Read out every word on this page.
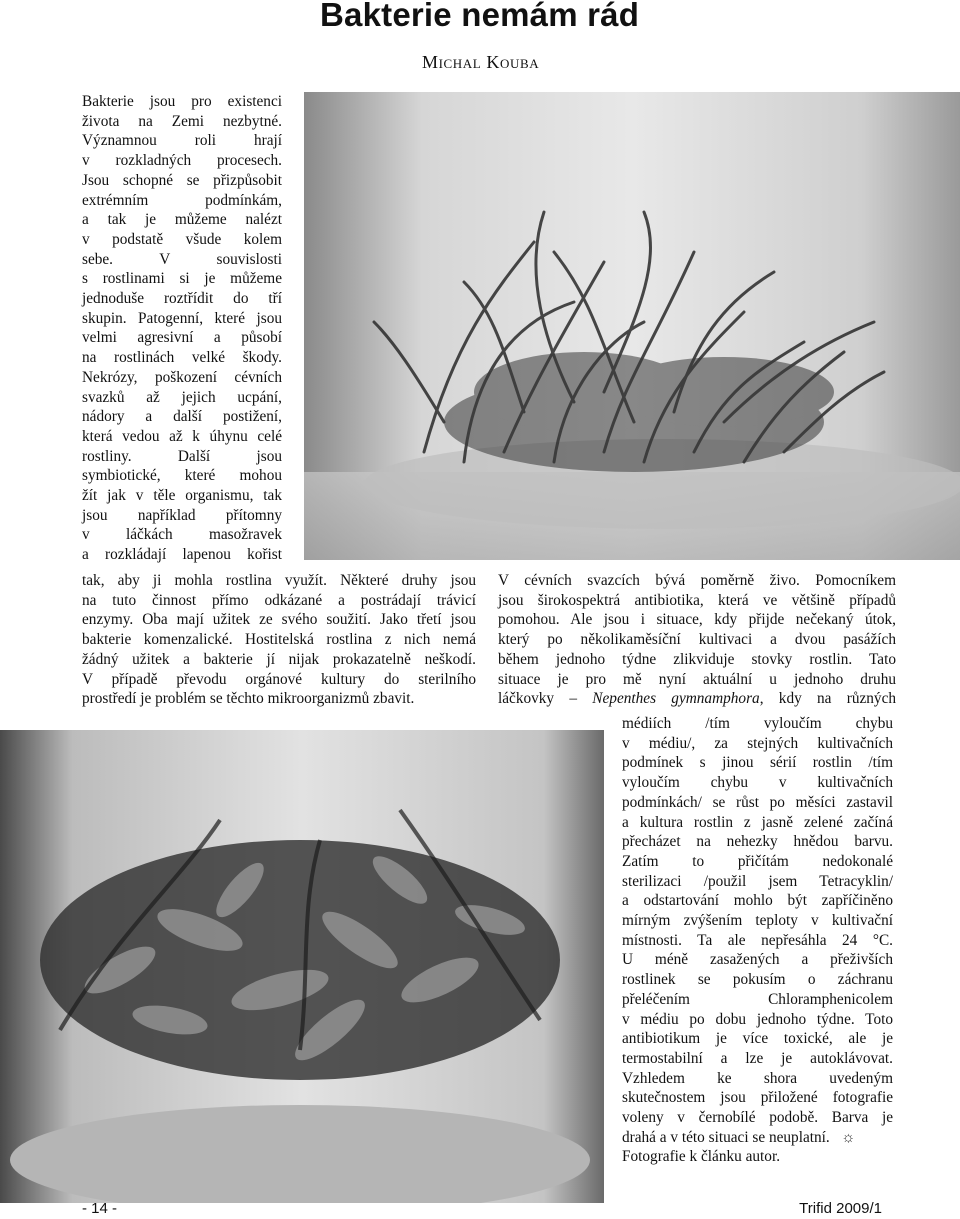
Bakterie nemám rád
Michal Kouba

Bakterie jsou pro existenci

života na Zemi nezbytné.

Významnou roli hrají

v rozkladných procesech.

Jsou schopné se přizpůsobit

extrémním podmínkám,

a tak je můžeme nalézt

v podstatě všude kolem

sebe. V souvislosti

s rostlinami si je můžeme

jednoduše roztřídit do tří

skupin. Patogenní, které jsou

velmi agresivní a působí

na rostlinách velké škody.

Nekrózy, poškození cévních

svazků až jejich ucpání,

nádory a další postižení,

která vedou až k úhynu celé

rostliny. Další jsou

symbiotické, které mohou

žít jak v těle organismu, tak

jsou například přítomny

v láčkách masožravek

a rozkládají lapenou kořist

tak, aby ji mohla rostlina využít. Některé druhy jsou

na tuto činnost přímo odkázané a postrádají trávicí

enzymy. Oba mají užitek ze svého soužití. Jako třetí jsou

bakterie komenzalické. Hostitelská rostlina z nich nemá

žádný užitek a bakterie jí nijak prokazatelně neškodí.

V případě převodu orgánové kultury do sterilního

prostředí je problém se těchto mikroorganizmů zbavit.

V cévních svazcích bývá poměrně živo. Pomocníkem

jsou širokospektrá antibiotika, která ve většině případů

pomohou. Ale jsou i situace, kdy přijde nečekaný útok,

který po několikaměsíční kultivaci a dvou pasážích

během jednoho týdne zlikviduje stovky rostlin. Tato

situace je pro mě nyní aktuální u jednoho druhu

láčkovky – Nepenthes gymnamphora, kdy na různých

médiích /tím vyloučím chybu

v médiu/, za stejných kultivačních

podmínek s jinou sérií rostlin /tím

vyloučím chybu v kultivačních

podmínkách/ se růst po měsíci zastavil

a kultura rostlin z jasně zelené začíná

přecházet na nehezky hnědou barvu.

Zatím to přičítám nedokonalé

sterilizaci /použil jsem Tetracyklin/

a odstartování mohlo být zapříčiněno

mírným zvýšením teploty v kultivační

místnosti. Ta ale nepřesáhla 24 °C.

U méně zasažených a přeživších

rostlinek se pokusím o záchranu

přeléčením Chloramphenicolem

v médiu po dobu jednoho týdne. Toto

antibiotikum je více toxické, ale je

termostabilní a lze je autoklávovat.

Vzhledem ke shora uvedeným

skutečnostem jsou přiložené fotografie

voleny v černobílé podobě. Barva je

drahá a v této situaci se neuplatní. ☼

Fotografie k článku autor.

- 14 -	Trifid 2009/1
